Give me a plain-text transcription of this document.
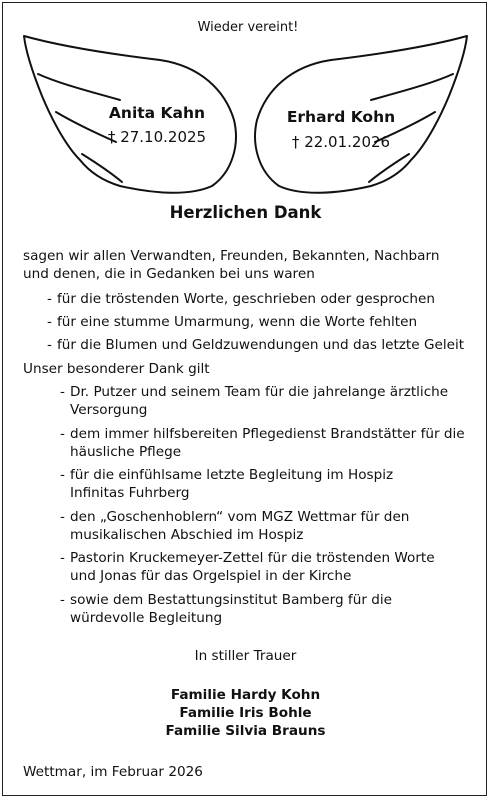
Wieder vereint!
Anita Kahn
† 27.10.2025
Erhard Kohn
† 22.01.2026
Herzlichen Dank
sagen wir allen Verwandten, Freunden, Bekannten, Nachbarn
und denen, die in Gedanken bei uns waren
- für die tröstenden Worte, geschrieben oder gesprochen
- für eine stumme Umarmung, wenn die Worte fehlten
- für die Blumen und Geldzuwendungen und das letzte Geleit
Unser besonderer Dank gilt
- Dr. Putzer und seinem Team für die jahrelange ärztliche
Versorgung
- dem immer hilfsbereiten Pflegedienst Brandstätter für die
häusliche Pflege
- für die einfühlsame letzte Begleitung im Hospiz
Infinitas Fuhrberg
- den „Goschenhoblern“ vom MGZ Wettmar für den
musikalischen Abschied im Hospiz
- Pastorin Kruckemeyer-Zettel für die tröstenden Worte
und Jonas für das Orgelspiel in der Kirche
- sowie dem Bestattungsinstitut Bamberg für die
würdevolle Begleitung
In stiller Trauer
Familie Hardy Kohn
Familie Iris Bohle
Familie Silvia Brauns
Wettmar, im Februar 2026
